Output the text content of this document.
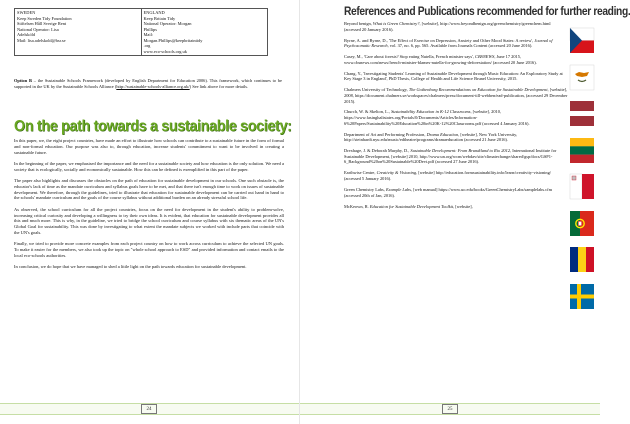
SWEDEN
Keep Sweden Tidy Foundation
Stiftelsen Håll Sverige Rent
National Operator: Lisa
Adelsköld
Mail: lisa.adelskold@hsr.se

ENGLAND
Keep Britain Tidy
National Operator: Morgan
Phillips
Mail:
Morgan.Phillips@keepbritaintidy
.org
www.eco-schools.org.uk
Option B – the Sustainable Schools Framework (developed by English Department for Education 2006). This framework, which continues to be supported in the UK by the Sustainable Schools Alliance (http://sustainable-schools-alliance.org.uk/) See link above for more details.
On the path towards a sustainable society:

In this paper, we, the eight project countries, have made an effort to illustrate how schools can contribute to a sustainable future in the form of formal and non-formal education. Our purpose was also to, through education, increase students' commitment to want to be involved in creating a sustainable future.

In the beginning of the paper, we emphasised the importance and the need for a sustainable society and how education is the only solution. We need a society that is ecologically, socially and economically sustainable. How this can be defined is exemplified in this part of the paper.

The paper also highlights and discusses the obstacles on the path of education for sustainable development in our schools. One such obstacle is, the educator's lack of time as the mandate curriculum and syllabus goals have to be met, and that there isn't enough time to work on issues of sustainable development. We therefore, through the guidelines, tried to illustrate that education for sustainable development can be carried out hand in hand to the schools' mandate curriculum and the goals of the course syllabus without additional burden on an already stressful school life.

As observed, the school curriculum for all the project countries, focus on the need for development in the student's ability to problem-solve, increasing critical curiosity and developing a willingness to try their own ideas. It is evident, that education for sustainable development provides all this and much more. This is why, in the guideline, we tried to bridge the school curriculum and course syllabus with six thematic areas of the UN's Global Goal for sustainability. This was done by investigating to what extent the mandate subjects we worked with include parts that coincide with the UN's goals.

Finally, we tried to provide more concrete examples from each project country on how to work across curriculum to achieve the selected UN goals. To make it easier for the members, we also took up the topic on "whole school approach to ESD" and provided information and contact emails to the local eco-schools authorities.

In conclusion, we do hope that we have managed to shed a little light on the path towards education for sustainable development.

24
References and Publications recommended for further reading.
Beyond benign, What is Green Chemistry?, [website], http://www.beyondbenign.org/greenchemistry/greenchem.html (accessed 20 January 2016).
Byrne, A. and Byrne, D., 'The Effect of Exercise on Depression, Anxiety and Other Mood States: A review', Journal of Psychosomatic Research, vol. 37, no. 6, pp. 565. Available from Journals Content (accessed 20 June 2016).
Casey, M., 'Care about forests? Stop eating Nutella, French minister says', CBSNEWS, June 17 2015, www.cbsnews.com/news/french-minister-blames-nutella-for-growing-deforestation/ (accessed 20 June 2016).
Chang, Y., 'Investigating Students' Learning of Sustainable Development through Music Education: An Exploratory Study at Key Stage 3 in England', PhD Thesis, College of Health and Life Science Brunel University, 2015.
Chalmers University of Technology, The Gothenburg Recommendations on Education for Sustainable Development, [website], 2008, https://document.chalmers.se/workspaces/chalmers/press/document-till-webben/ead-publication, (accessed 29 December 2015).
Church, W. & Skelton, L., Sustainability Education in K-12 Classrooms, [website], 2010, https://www.fasinghalistates.org/Portals/0/Documents/Articles/Information-6%20Papers/Sustainability%20Education%20in%20K-12%20Classrooms.pdf (accessed 4 January 2016).
Department of Art and Performing Profession, Drama Education, [website], New York University, http://steinhardt.nyu.edu/music/edtheatre/programs/dramaeducation (accessed 21 June 2016).
Drexhage, J. & Deborah Murphy, D., Sustainable Development: From Brundtland to Rio 2012, International Institute for Sustainable Development, [website] 2010, http://www.un.org/wcm/webdav/site/climatechange/shared/gsp/docs/GSP1-6_Background%20on%20Sustainable%20Devt.pdf (accessed 27 June 2016).
Earthwise Centre, Creativity & Visioning, [website] http://education.formsustainability.info/learn/creativity-visioning/ (accessed 5 January 2016).
Green Chemistry Labs, Example Labs, [web manual] https://www.uo.edu/books/GreenChemistryLabs/samplelabs.cfm (accessed 20th of Jan, 2016).
McKeown, R. Education for Sustainable Development Toolkit, [website],
25
